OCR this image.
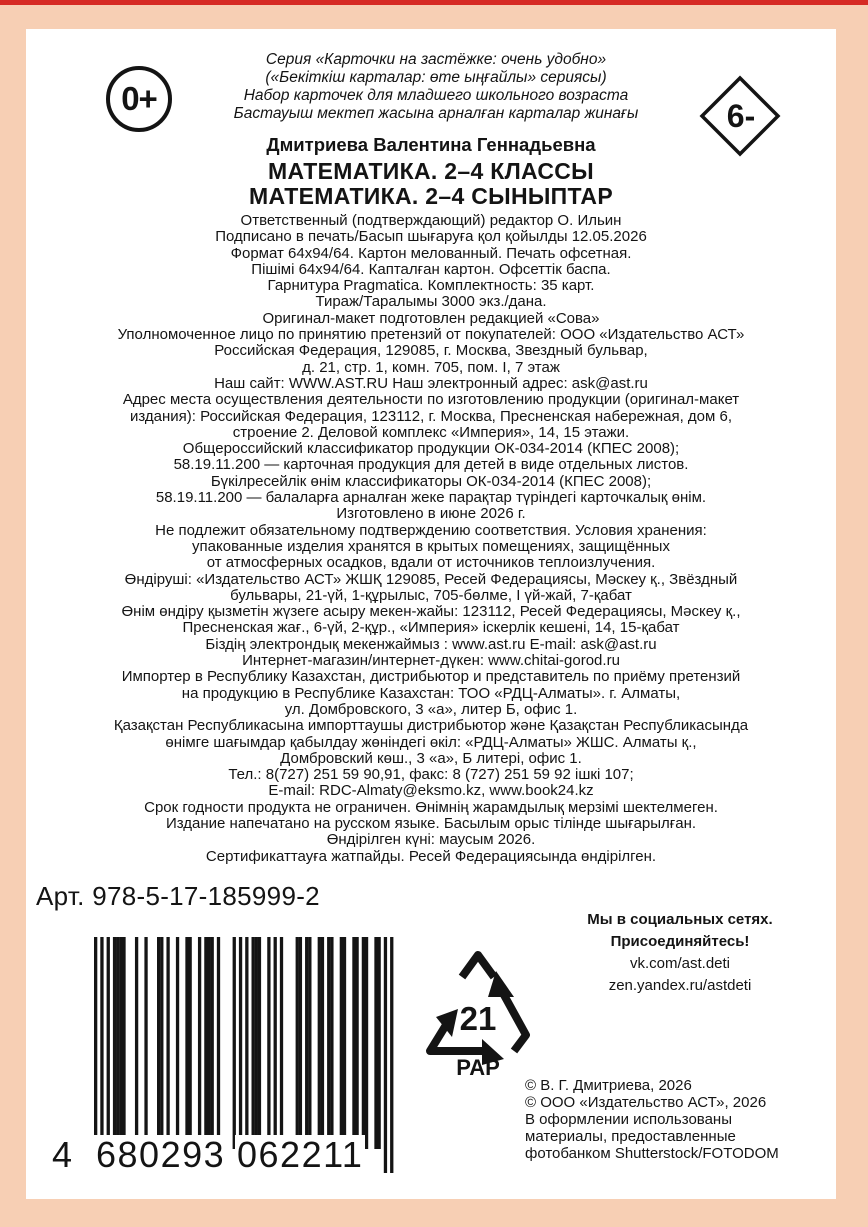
0+	6-
Серия «Карточки на застёжке: очень удобно»
(«Бекіткіш карталар: өте ыңғайлы» сериясы)
Набор карточек для младшего школьного возраста
Бастауыш мектеп жасына арналған карталар жинағы
Дмитриева Валентина Геннадьевна
МАТЕМАТИКА. 2–4 КЛАССЫ
МАТЕМАТИКА. 2–4 СЫНЫПТАР
Ответственный (подтверждающий) редактор О. Ильин
Подписано в печать/Басып шығаруға қол қойылды 12.05.2026
Формат 64х94/64. Картон мелованный. Печать офсетная.
Пішімі 64х94/64. Капталған картон. Офсеттік баспа.
Гарнитура Pragmatica. Комплектность: 35 карт.
Тираж/Таралымы 3000 экз./дана.
Оригинал-макет подготовлен редакцией «Сова»
Уполномоченное лицо по принятию претензий от покупателей: ООО «Издательство АСТ»
Российская Федерация, 129085, г. Москва, Звездный бульвар,
д. 21, стр. 1, комн. 705, пом. I, 7 этаж
Наш сайт: WWW.AST.RU Наш электронный адрес: ask@ast.ru
Адрес места осуществления деятельности по изготовлению продукции (оригинал-макет
издания): Российская Федерация, 123112, г. Москва, Пресненская набережная, дом 6,
строение 2. Деловой комплекс «Империя», 14, 15 этажи.
Общероссийский классификатор продукции ОК-034-2014 (КПЕС 2008);
58.19.11.200 — карточная продукция для детей в виде отдельных листов.
Бүкілресейлік өнім классификаторы ОК-034-2014 (КПЕС 2008);
58.19.11.200 — балаларға арналған жеке парақтар түріндегі карточкалық өнім.
Изготовлено в июне 2026 г.
Не подлежит обязательному подтверждению соответствия. Условия хранения:
упакованные изделия хранятся в крытых помещениях, защищённых
от атмосферных осадков, вдали от источников теплоизлучения.
Өндіруші: «Издательство АСТ» ЖШҚ 129085, Ресей Федерациясы, Мәскеу қ., Звёздный
бульвары, 21-үй, 1-құрылыс, 705-бөлме, I үй-жай, 7-қабат
Өнім өндіру қызметін жүзеге асыру мекен-жайы: 123112, Ресей Федерациясы, Мәскеу қ.,
Пресненская жағ., 6-үй, 2-құр., «Империя» іскерлік кешені, 14, 15-қабат
Біздің электрондық мекенжаймыз : www.ast.ru E-mail: ask@ast.ru
Интернет-магазин/интернет-дүкен: www.chitai-gorod.ru
Импортер в Республику Казахстан, дистрибьютор и представитель по приёму претензий
на продукцию в Республике Казахстан: ТОО «РДЦ-Алматы». г. Алматы,
ул. Домбровского, 3 «а», литер Б, офис 1.
Қазақстан Республикасына импорттаушы дистрибьютор және Қазақстан Республикасында
өнімге шағымдар қабылдау жөніндегі өкіл: «РДЦ-Алматы» ЖШС. Алматы қ.,
Домбровский көш., 3 «а», Б литері, офис 1.
Тел.: 8(727) 251 59 90,91, факс: 8 (727) 251 59 92 ішкі 107;
E-mail: RDC-Almaty@eksmo.kz, www.book24.kz
Срок годности продукта не ограничен. Өнімнің жарамдылық мерзімі шектелмеген.
Издание напечатано на русском языке. Басылым орыс тілінде шығарылған.
Өндірілген күні: маусым 2026.
Сертификаттауға жатпайды. Ресей Федерациясында өндірілген.
Арт. 978-5-17-185999-2
4 680293 062211
21
PAP
Мы в социальных сетях.
Присоединяйтесь!
vk.com/ast.deti
zen.yandex.ru/astdeti
© В. Г. Дмитриева, 2026
© ООО «Издательство АСТ», 2026
В оформлении использованы
материалы, предоставленные
фотобанком Shutterstock/FOTODOM
